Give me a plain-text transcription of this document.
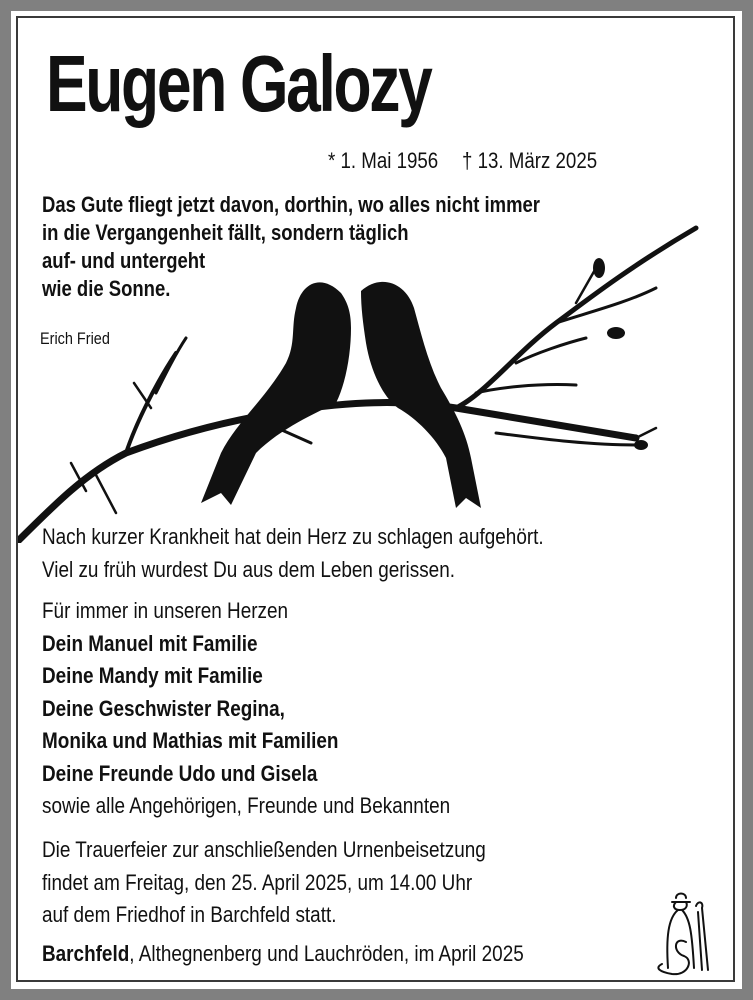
Eugen Galozy
* 1. Mai 1956 † 13. März 2025
Das Gute fliegt jetzt davon, dorthin, wo alles nicht immer
in die Vergangenheit fällt, sondern täglich
auf- und untergeht
wie die Sonne.
Erich Fried
Nach kurzer Krankheit hat dein Herz zu schlagen aufgehört.
Viel zu früh wurdest Du aus dem Leben gerissen.
Für immer in unseren Herzen
Dein Manuel mit Familie
Deine Mandy mit Familie
Deine Geschwister Regina,
Monika und Mathias mit Familien
Deine Freunde Udo und Gisela
sowie alle Angehörigen, Freunde und Bekannten
Die Trauerfeier zur anschließenden Urnenbeisetzung
findet am Freitag, den 25. April 2025, um 14.00 Uhr
auf dem Friedhof in Barchfeld statt.
Barchfeld, Althegnenberg und Lauchröden, im April 2025
